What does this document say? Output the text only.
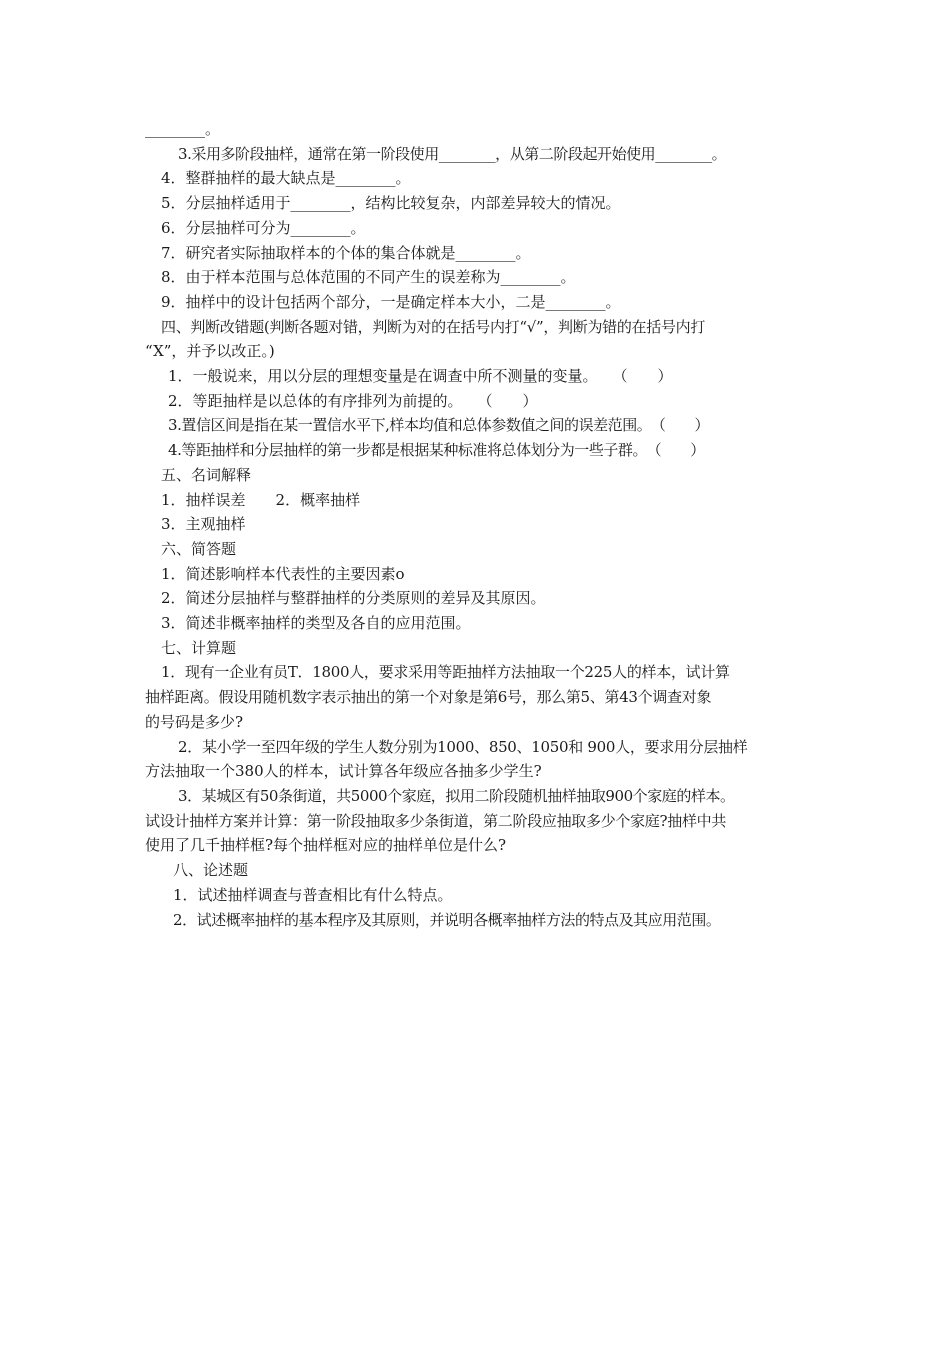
________。
3.采用多阶段抽样，通常在第一阶段使用________，从第二阶段起开始使用________。
4．整群抽样的最大缺点是________。
5．分层抽样适用于________，结构比较复杂，内部差异较大的情况。
6．分层抽样可分为________。
7．研究者实际抽取样本的个体的集合体就是________。
8．由于样本范围与总体范围的不同产生的误差称为________。
9．抽样中的设计包括两个部分，一是确定样本大小，二是________。
四、判断改错题(判断各题对错，判断为对的在括号内打“√”，判断为错的在括号内打
“X”，并予以改正。)
1．一般说来，用以分层的理想变量是在调查中所不测量的变量。　　（　　）
2．等距抽样是以总体的有序排列为前提的。　　（　　）
3.置信区间是指在某一置信水平下,样本均值和总体参数值之间的误差范围。　（　　）
4.等距抽样和分层抽样的第一步都是根据某种标准将总体划分为一些子群。　（　　）
五、名词解释
1．抽样误差　　2．概率抽样
3．主观抽样
六、简答题
1．简述影响样本代表性的主要因素o
2．简述分层抽样与整群抽样的分类原则的差异及其原因。
3．简述非概率抽样的类型及各自的应用范围。
七、计算题
1．现有一企业有员T．1800人，要求采用等距抽样方法抽取一个225人的样本，试计算
抽样距离。假设用随机数字表示抽出的第一个对象是第6号，那么第5、第43个调查对象
的号码是多少?
2．某小学一至四年级的学生人数分别为1000、850、1050和 900人，要求用分层抽样
方法抽取一个380人的样本，试计算各年级应各抽多少学生?
3．某城区有50条街道，共5000个家庭，拟用二阶段随机抽样抽取900个家庭的样本。
试设计抽样方案并计算：第一阶段抽取多少条街道，第二阶段应抽取多少个家庭?抽样中共
使用了几千抽样框?每个抽样框对应的抽样单位是什么?
八、论述题
1．试述抽样调查与普查相比有什么特点。
2．试述概率抽样的基本程序及其原则，并说明各概率抽样方法的特点及其应用范围。
